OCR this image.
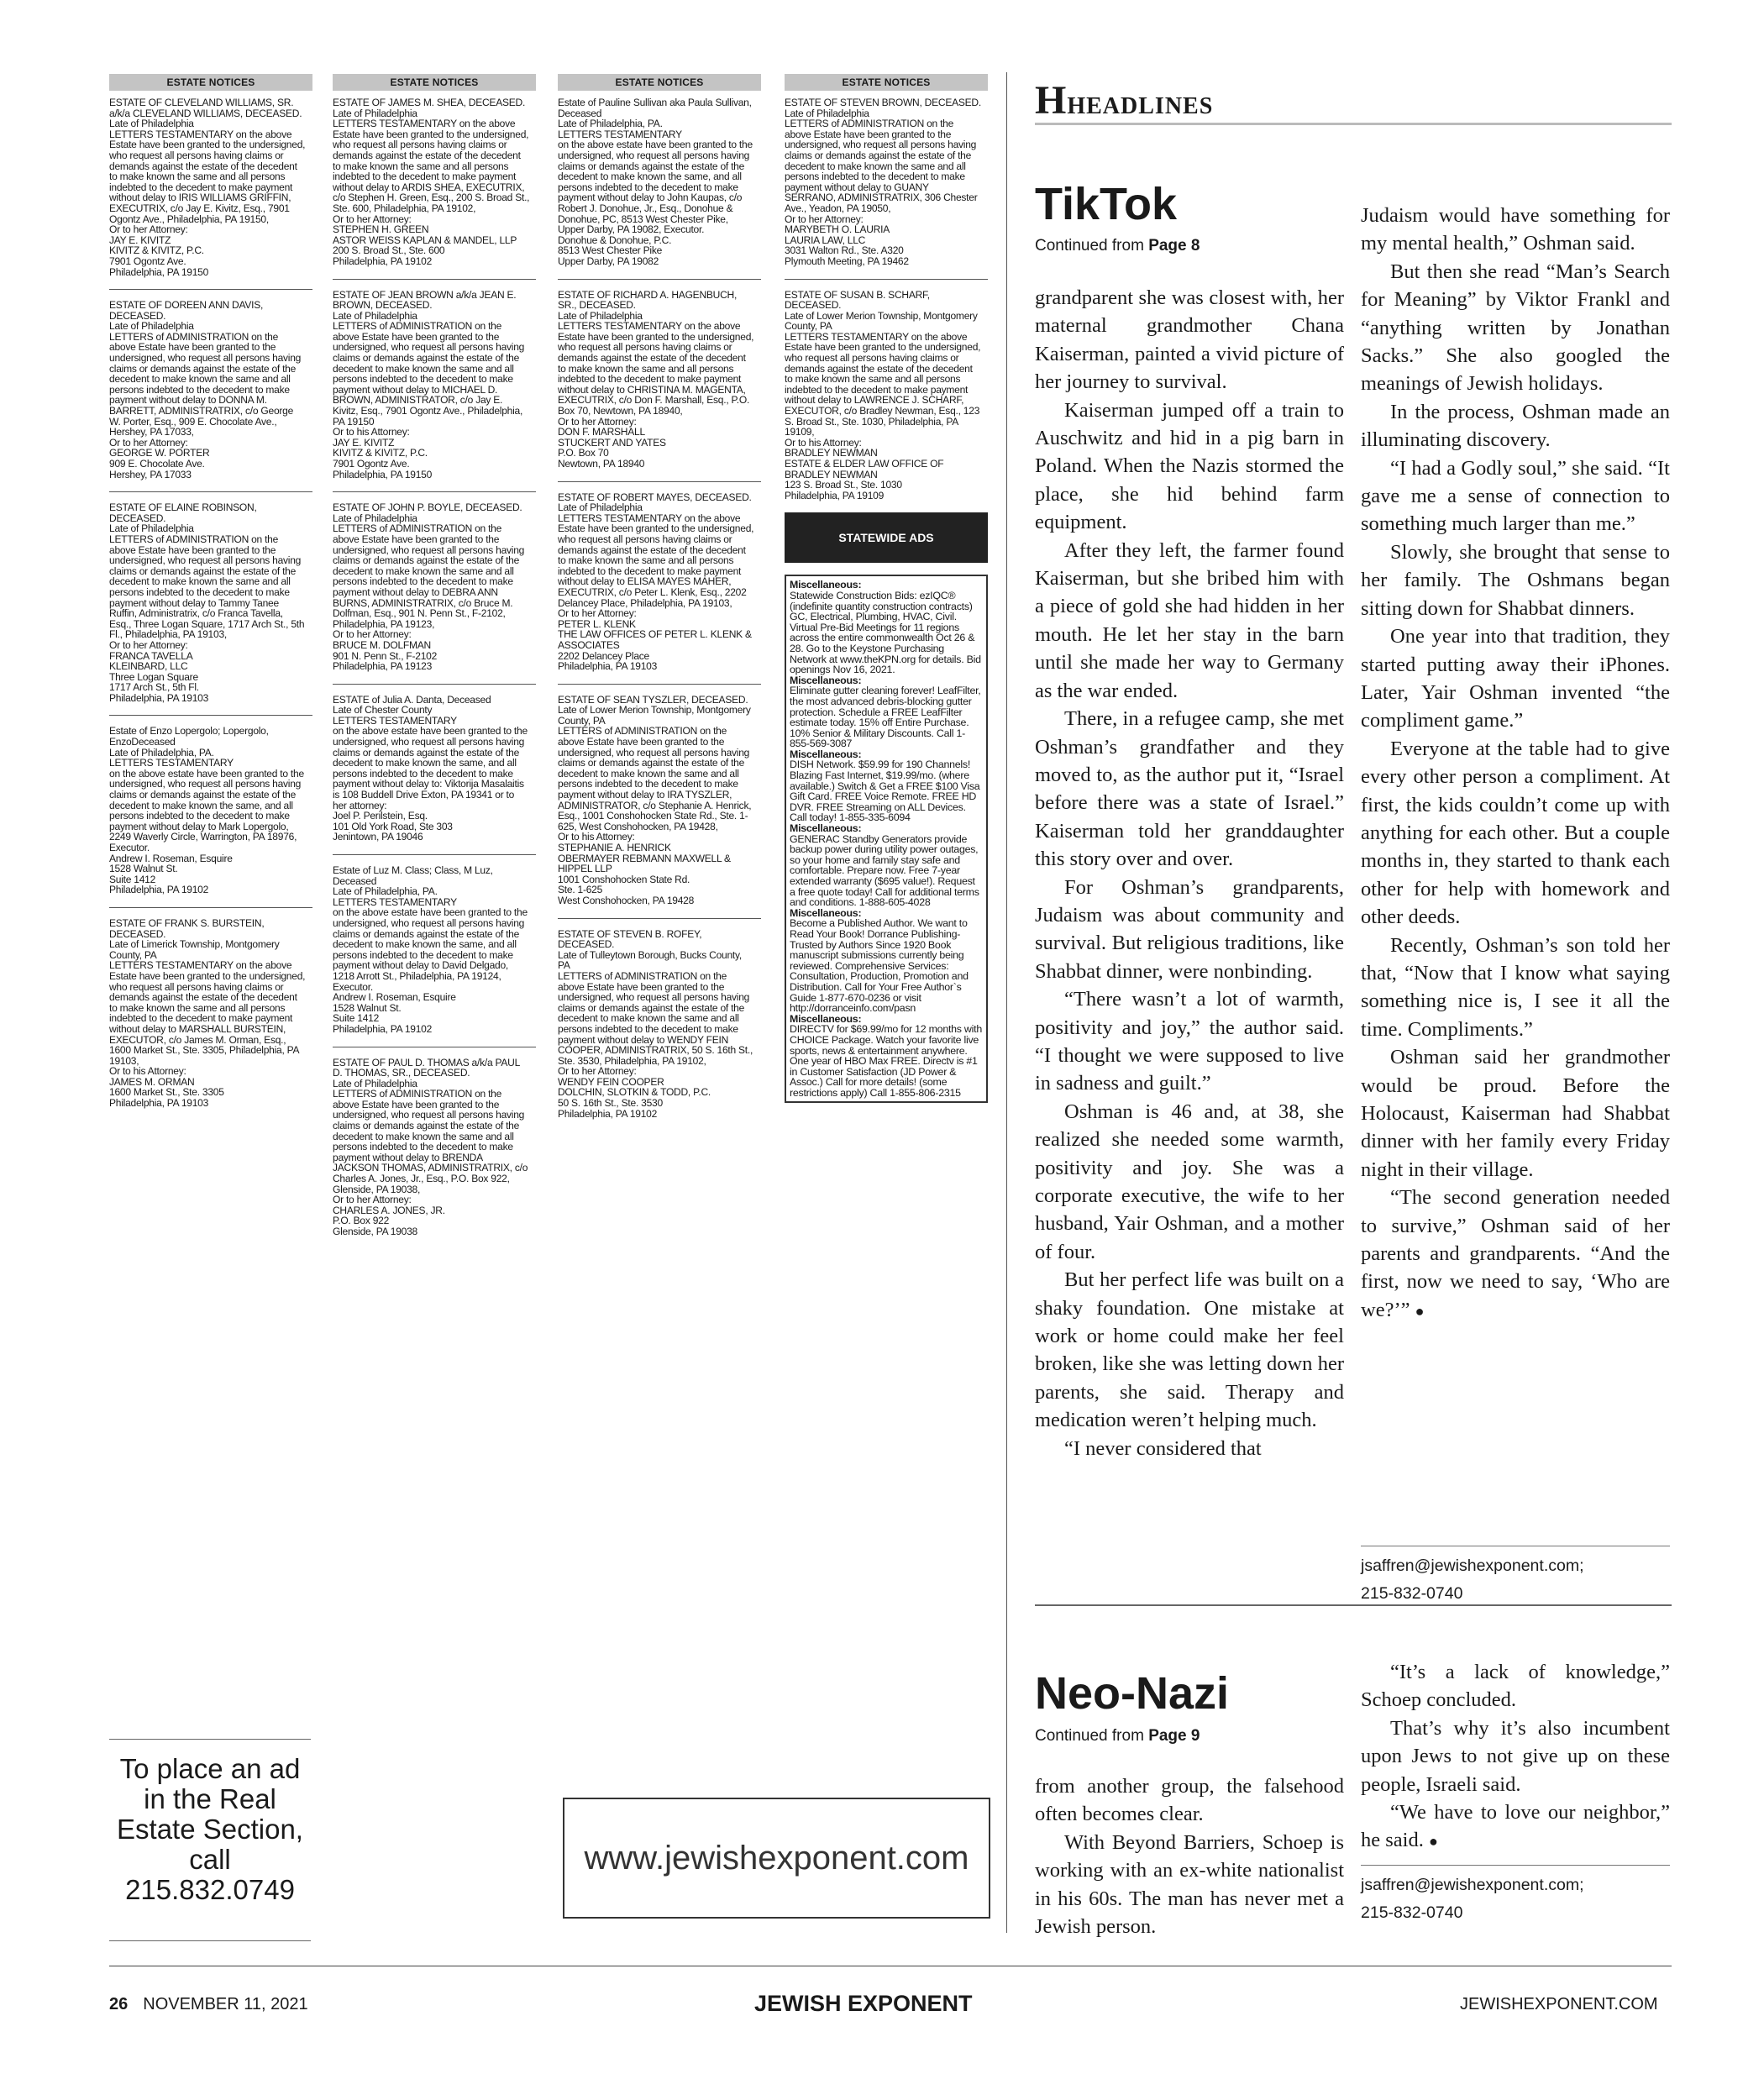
ESTATE NOTICES
ESTATE OF CLEVELAND WILLIAMS, SR. a/k/a CLEVELAND WILLIAMS, DECEASED.
Late of Philadelphia
LETTERS TESTAMENTARY on the above Estate have been granted to the undersigned, who request all persons having claims or demands against the estate of the decedent to make known the same and all persons indebted to the decedent to make payment without delay to IRIS WILLIAMS GRIFFIN, EXECUTRIX, c/o Jay E. Kivitz, Esq., 7901 Ogontz Ave., Philadelphia, PA 19150,
Or to her Attorney:
JAY E. KIVITZ
KIVITZ & KIVITZ, P.C.
7901 Ogontz Ave.
Philadelphia, PA 19150
ESTATE OF DOREEN ANN DAVIS, DECEASED.
Late of Philadelphia
LETTERS of ADMINISTRATION on the above Estate have been granted to the undersigned, who request all persons having claims or demands against the estate of the decedent to make known the same and all persons indebted to the decedent to make payment without delay to DONNA M. BARRETT, ADMINISTRATRIX, c/o George W. Porter, Esq., 909 E. Chocolate Ave., Hershey, PA 17033,
Or to her Attorney:
GEORGE W. PORTER
909 E. Chocolate Ave.
Hershey, PA 17033
ESTATE OF ELAINE ROBINSON, DECEASED.
Late of Philadelphia
LETTERS of ADMINISTRATION on the above Estate have been granted to the undersigned, who request all persons having claims or demands against the estate of the decedent to make known the same and all persons indebted to the decedent to make payment without delay to Tammy Tanee Ruffin, Administratrix, c/o Franca Tavella, Esq., Three Logan Square, 1717 Arch St., 5th Fl., Philadelphia, PA 19103,
Or to her Attorney:
FRANCA TAVELLA
KLEINBARD, LLC
Three Logan Square
1717 Arch St., 5th Fl.
Philadelphia, PA 19103
Estate of Enzo Lopergolo; Lopergolo, EnzoDeceased
Late of Philadelphia, PA.
LETTERS TESTAMENTARY
on the above estate have been granted to the undersigned, who request all persons having claims or demands against the estate of the decedent to make known the same, and all persons indebted to the decedent to make payment without delay to Mark Lopergolo, 2249 Waverly Circle, Warrington, PA 18976, Executor.
Andrew I. Roseman, Esquire
1528 Walnut St.
Suite 1412
Philadelphia, PA 19102
ESTATE OF FRANK S. BURSTEIN, DECEASED.
Late of Limerick Township, Montgomery County, PA
LETTERS TESTAMENTARY on the above Estate have been granted to the undersigned, who request all persons having claims or demands against the estate of the decedent to make known the same and all persons indebted to the decedent to make payment without delay to MARSHALL BURSTEIN, EXECUTOR, c/o James M. Orman, Esq., 1600 Market St., Ste. 3305, Philadelphia, PA 19103,
Or to his Attorney:
JAMES M. ORMAN
1600 Market St., Ste. 3305
Philadelphia, PA 19103
ESTATE NOTICES
ESTATE OF JAMES M. SHEA, DECEASED.
Late of Philadelphia
LETTERS TESTAMENTARY on the above Estate have been granted to the undersigned, who request all persons having claims or demands against the estate of the decedent to make known the same and all persons indebted to the decedent to make payment without delay to ARDIS SHEA, EXECUTRIX, c/o Stephen H. Green, Esq., 200 S. Broad St., Ste. 600, Philadelphia, PA 19102,
Or to her Attorney:
STEPHEN H. GREEN
ASTOR WEISS KAPLAN & MANDEL, LLP
200 S. Broad St., Ste. 600
Philadelphia, PA 19102
ESTATE OF JEAN BROWN a/k/a JEAN E. BROWN, DECEASED.
Late of Philadelphia
LETTERS of ADMINISTRATION on the above Estate have been granted to the undersigned, who request all persons having claims or demands against the estate of the decedent to make known the same and all persons indebted to the decedent to make payment without delay to MICHAEL D. BROWN, ADMINISTRATOR, c/o Jay E. Kivitz, Esq., 7901 Ogontz Ave., Philadelphia, PA 19150
Or to his Attorney:
JAY E. KIVITZ
KIVITZ & KIVITZ, P.C.
7901 Ogontz Ave.
Philadelphia, PA 19150
ESTATE OF JOHN P. BOYLE, DECEASED.
Late of Philadelphia
LETTERS of ADMINISTRATION on the above Estate have been granted to the undersigned, who request all persons having claims or demands against the estate of the decedent to make known the same and all persons indebted to the decedent to make payment without delay to DEBRA ANN BURNS, ADMINISTRATRIX, c/o Bruce M. Dolfman, Esq., 901 N. Penn St., F-2102, Philadelphia, PA 19123,
Or to her Attorney:
BRUCE M. DOLFMAN
901 N. Penn St., F-2102
Philadelphia, PA 19123
ESTATE of Julia A. Danta, Deceased
Late of Chester County
LETTERS TESTAMENTARY
on the above estate have been granted to the undersigned, who request all persons having claims or demands against the estate of the decedent to make known the same, and all persons indebted to the decedent to make payment without delay to: Viktorija Masalaitis is 108 Buddell Drive Exton, PA 19341 or to her attorney:
Joel P. Perilstein, Esq.
101 Old York Road, Ste 303
Jenintown, PA 19046
Estate of Luz M. Class; Class, M Luz, Deceased
Late of Philadelphia, PA.
LETTERS TESTAMENTARY
on the above estate have been granted to the undersigned, who request all persons having claims or demands against the estate of the decedent to make known the same, and all persons indebted to the decedent to make payment without delay to David Delgado, 1218 Arrott St., Philadelphia, PA 19124, Executor.
Andrew I. Roseman, Esquire
1528 Walnut St.
Suite 1412
Philadelphia, PA 19102
ESTATE OF PAUL D. THOMAS a/k/a PAUL D. THOMAS, SR., DECEASED.
Late of Philadelphia
LETTERS of ADMINISTRATION on the above Estate have been granted to the undersigned, who request all persons having claims or demands against the estate of the decedent to make known the same and all persons indebted to the decedent to make payment without delay to BRENDA JACKSON THOMAS, ADMINISTRATRIX, c/o Charles A. Jones, Jr., Esq., P.O. Box 922, Glenside, PA 19038,
Or to her Attorney:
CHARLES A. JONES, JR.
P.O. Box 922
Glenside, PA 19038
ESTATE NOTICES
Estate of Pauline Sullivan aka Paula Sullivan, Deceased
Late of Philadelphia, PA.
LETTERS TESTAMENTARY
on the above estate have been granted to the undersigned, who request all persons having claims or demands against the estate of the decedent to make known the same, and all persons indebted to the decedent to make payment without delay to John Kaupas, c/o Robert J. Donohue, Jr., Esq., Donohue & Donohue, PC, 8513 West Chester Pike, Upper Darby, PA 19082, Executor.
Donohue & Donohue, P.C.
8513 West Chester Pike
Upper Darby, PA 19082
ESTATE OF RICHARD A. HAGENBUCH, SR., DECEASED.
Late of Philadelphia
LETTERS TESTAMENTARY on the above Estate have been granted to the undersigned, who request all persons having claims or demands against the estate of the decedent to make known the same and all persons indebted to the decedent to make payment without delay to CHRISTINA M. MAGENTA, EXECUTRIX, c/o Don F. Marshall, Esq., P.O. Box 70, Newtown, PA 18940,
Or to her Attorney:
DON F. MARSHALL
STUCKERT AND YATES
P.O. Box 70
Newtown, PA 18940
ESTATE OF ROBERT MAYES, DECEASED.
Late of Philadelphia
LETTERS TESTAMENTARY on the above Estate have been granted to the undersigned, who request all persons having claims or demands against the estate of the decedent to make known the same and all persons indebted to the decedent to make payment without delay to ELISA MAYES MAHER, EXECUTRIX, c/o Peter L. Klenk, Esq., 2202 Delancey Place, Philadelphia, PA 19103,
Or to her Attorney:
PETER L. KLENK
THE LAW OFFICES OF PETER L. KLENK & ASSOCIATES
2202 Delancey Place
Philadelphia, PA 19103
ESTATE OF SEAN TYSZLER, DECEASED.
Late of Lower Merion Township, Montgomery County, PA
LETTERS of ADMINISTRATION on the above Estate have been granted to the undersigned, who request all persons having claims or demands against the estate of the decedent to make known the same and all persons indebted to the decedent to make payment without delay to IRA TYSZLER, ADMINISTRATOR, c/o Stephanie A. Henrick, Esq., 1001 Conshohocken State Rd., Ste. 1-625, West Conshohocken, PA 19428,
Or to his Attorney:
STEPHANIE A. HENRICK
OBERMAYER REBMANN MAXWELL & HIPPEL LLP
1001 Conshohocken State Rd.
Ste. 1-625
West Conshohocken, PA 19428
ESTATE OF STEVEN B. ROFEY, DECEASED.
Late of Tulleytown Borough, Bucks County, PA
LETTERS of ADMINISTRATION on the above Estate have been granted to the undersigned, who request all persons having claims or demands against the estate of the decedent to make known the same and all persons indebted to the decedent to make payment without delay to WENDY FEIN COOPER, ADMINISTRATRIX, 50 S. 16th St., Ste. 3530, Philadelphia, PA 19102,
Or to her Attorney:
WENDY FEIN COOPER
DOLCHIN, SLOTKIN & TODD, P.C.
50 S. 16th St., Ste. 3530
Philadelphia, PA 19102
ESTATE NOTICES
ESTATE OF STEVEN BROWN, DECEASED.
Late of Philadelphia
LETTERS of ADMINISTRATION on the above Estate have been granted to the undersigned, who request all persons having claims or demands against the estate of the decedent to make known the same and all persons indebted to the decedent to make payment without delay to GUANY SERRANO, ADMINISTRATRIX, 306 Chester Ave., Yeadon, PA 19050,
Or to her Attorney:
MARYBETH O. LAURIA
LAURIA LAW, LLC
3031 Walton Rd., Ste. A320
Plymouth Meeting, PA 19462
ESTATE OF SUSAN B. SCHARF, DECEASED.
Late of Lower Merion Township, Montgomery County, PA
LETTERS TESTAMENTARY on the above Estate have been granted to the undersigned, who request all persons having claims or demands against the estate of the decedent to make known the same and all persons indebted to the decedent to make payment without delay to LAWRENCE J. SCHARF, EXECUTOR, c/o Bradley Newman, Esq., 123 S. Broad St., Ste. 1030, Philadelphia, PA 19109,
Or to his Attorney:
BRADLEY NEWMAN
ESTATE & ELDER LAW OFFICE OF BRADLEY NEWMAN
123 S. Broad St., Ste. 1030
Philadelphia, PA 19109
STATEWIDE ADS
Miscellaneous:
Statewide Construction Bids: ezIQC® (indefinite quantity construction contracts) GC, Electrical, Plumbing, HVAC, Civil. Virtual Pre-Bid Meetings for 11 regions across the entire commonwealth Oct 26 & 28. Go to the Keystone Purchasing Network at www.theKPN.org for details. Bid openings Nov 16, 2021.
Miscellaneous:
Eliminate gutter cleaning forever! LeafFilter, the most advanced debris-blocking gutter protection. Schedule a FREE LeafFilter estimate today. 15% off Entire Purchase. 10% Senior & Military Discounts. Call 1-855-569-3087
Miscellaneous:
DISH Network. $59.99 for 190 Channels! Blazing Fast Internet, $19.99/mo. (where available.) Switch & Get a FREE $100 Visa Gift Card. FREE Voice Remote. FREE HD DVR. FREE Streaming on ALL Devices. Call today! 1-855-335-6094
Miscellaneous:
GENERAC Standby Generators provide backup power during utility power outages, so your home and family stay safe and comfortable. Prepare now. Free 7-year extended warranty ($695 value!). Request a free quote today! Call for additional terms and conditions. 1-888-605-4028
Miscellaneous:
Become a Published Author. We want to Read Your Book! Dorrance Publishing-Trusted by Authors Since 1920 Book manuscript submissions currently being reviewed. Comprehensive Services: Consultation, Production, Promotion and Distribution. Call for Your Free Author`s Guide 1-877-670-0236 or visit
http://dorranceinfo.com/pasn
Miscellaneous:
DIRECTV for $69.99/mo for 12 months with CHOICE Package. Watch your favorite live sports, news & entertainment anywhere. One year of HBO Max FREE. Directv is #1 in Customer Satisfaction (JD Power & Assoc.) Call for more details! (some restrictions apply) Call 1-855-806-2315
To place an ad in the Real Estate Section, call 215.832.0749
www.jewishexponent.com
Hheadlines
TikTok
Continued from Page 8

grandparent she was closest with, her maternal grandmother Chana Kaiserman, painted a vivid picture of her journey to survival.

Kaiserman jumped off a train to Auschwitz and hid in a pig barn in Poland. When the Nazis stormed the place, she hid behind farm equipment.

After they left, the farmer found Kaiserman, but she bribed him with a piece of gold she had hidden in her mouth. He let her stay in the barn until she made her way to Germany as the war ended.

There, in a refugee camp, she met Oshman’s grandfather and they moved to, as the author put it, “Israel before there was a state of Israel.” Kaiserman told her granddaughter this story over and over.

For Oshman’s grandparents, Judaism was about community and survival. But religious traditions, like Shabbat dinner, were nonbinding.

“There wasn’t a lot of warmth, positivity and joy,” the author said. “I thought we were supposed to live in sadness and guilt.”

Oshman is 46 and, at 38, she realized she needed some warmth, positivity and joy. She was a corporate executive, the wife to her husband, Yair Oshman, and a mother of four.

But her perfect life was built on a shaky foundation. One mistake at work or home could make her feel broken, like she was letting down her parents, she said. Therapy and medication weren’t helping much.

“I never considered that

Judaism would have something for my mental health,” Oshman said.

But then she read “Man’s Search for Meaning” by Viktor Frankl and “anything written by Jonathan Sacks.” She also googled the meanings of Jewish holidays.

In the process, Oshman made an illuminating discovery.

“I had a Godly soul,” she said. “It gave me a sense of connection to something much larger than me.”

Slowly, she brought that sense to her family. The Oshmans began sitting down for Shabbat dinners.

One year into that tradition, they started putting away their iPhones. Later, Yair Oshman invented “the compliment game.”

Everyone at the table had to give every other person a compliment. At first, the kids couldn’t come up with anything for each other. But a couple months in, they started to thank each other for help with homework and other deeds.

Recently, Oshman’s son told her that, “Now that I know what saying something nice is, I see it all the time. Compliments.”

Oshman said her grandmother would be proud. Before the Holocaust, Kaiserman had Shabbat dinner with her family every Friday night in their village.

“The second generation needed to survive,” Oshman said of her parents and grandparents. “And the first, now we need to say, ‘Who are we?’” ●

jsaffren@jewishexponent.com;
215-832-0740
Neo-Nazi
Continued from Page 9

from another group, the falsehood often becomes clear.

With Beyond Barriers, Schoep is working with an ex-white nationalist in his 60s. The man has never met a Jewish person.

“It’s a lack of knowledge,” Schoep concluded.

That’s why it’s also incumbent upon Jews to not give up on these people, Israeli said.

“We have to love our neighbor,” he said. ●

jsaffren@jewishexponent.com;
215-832-0740
26 NOVEMBER 11, 2021	JEWISH EXPONENT	JEWISHEXPONENT.COM
